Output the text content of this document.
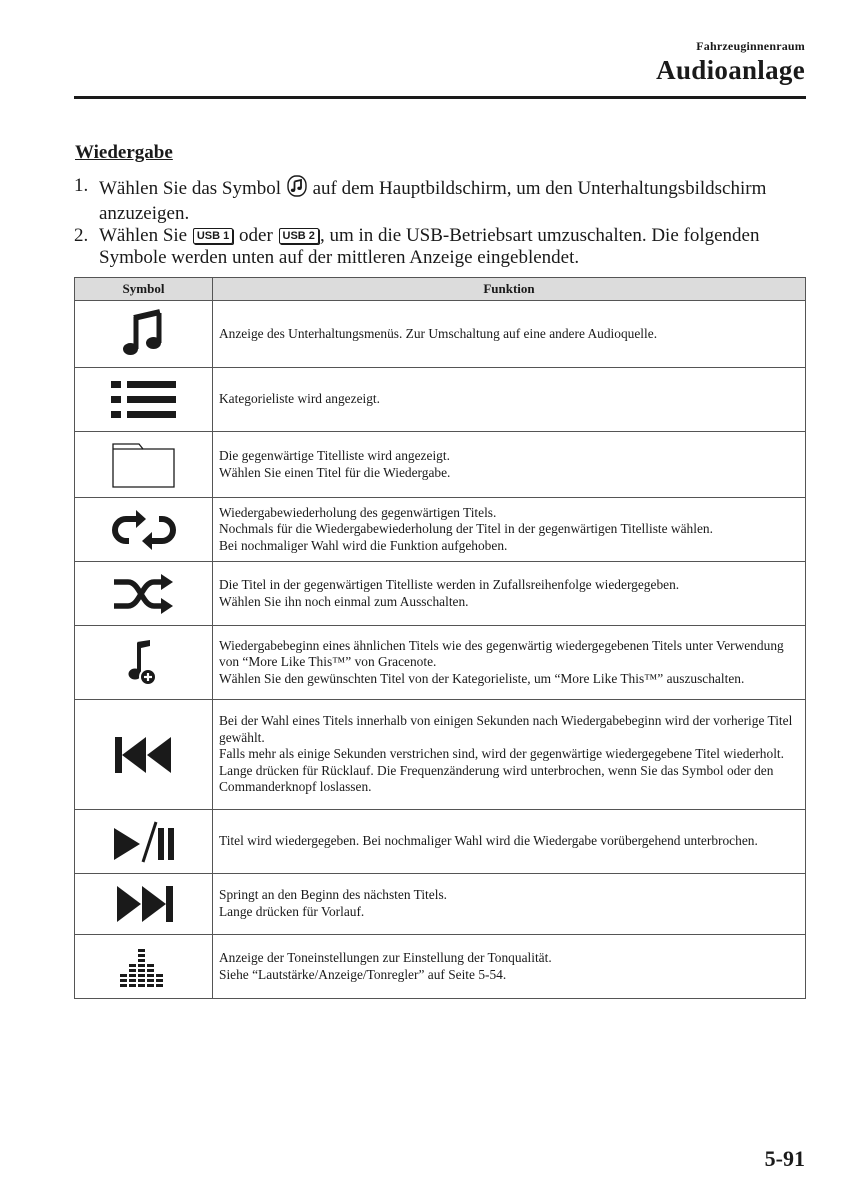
Fahrzeuginnenraum
Audioanlage
Wiedergabe
1. Wählen Sie das Symbol auf dem Hauptbildschirm, um den Unterhaltungsbildschirm anzuzeigen.
2. Wählen Sie USB 1 oder USB 2 , um in die USB-Betriebsart umzuschalten. Die folgenden Symbole werden unten auf der mittleren Anzeige eingeblendet.
Symbol	Funktion

Anzeige des Unterhaltungsmenüs. Zur Umschaltung auf eine andere Audioquelle.

Kategorieliste wird angezeigt.

Die gegenwärtige Titelliste wird angezeigt.
Wählen Sie einen Titel für die Wiedergabe.

Wiedergabewiederholung des gegenwärtigen Titels.
Nochmals für die Wiedergabewiederholung der Titel in der gegenwärtigen Titelliste wählen.
Bei nochmaliger Wahl wird die Funktion aufgehoben.

Die Titel in der gegenwärtigen Titelliste werden in Zufallsreihenfolge wiedergegeben.
Wählen Sie ihn noch einmal zum Ausschalten.

Wiedergabebeginn eines ähnlichen Titels wie des gegenwärtig wiedergegebenen Titels unter Verwendung von “More Like This™” von Gracenote.
Wählen Sie den gewünschten Titel von der Kategorieliste, um “More Like This™” auszuschalten.

Bei der Wahl eines Titels innerhalb von einigen Sekunden nach Wiedergabebeginn wird der vorherige Titel gewählt.
Falls mehr als einige Sekunden verstrichen sind, wird der gegenwärtige wiedergegebene Titel wiederholt.
Lange drücken für Rücklauf. Die Frequenzänderung wird unterbrochen, wenn Sie das Symbol oder den Commanderknopf loslassen.

Titel wird wiedergegeben. Bei nochmaliger Wahl wird die Wiedergabe vorübergehend unterbrochen.

Springt an den Beginn des nächsten Titels.
Lange drücken für Vorlauf.

Anzeige der Toneinstellungen zur Einstellung der Tonqualität.
Siehe “Lautstärke/Anzeige/Tonregler” auf Seite 5-54.
5-91
